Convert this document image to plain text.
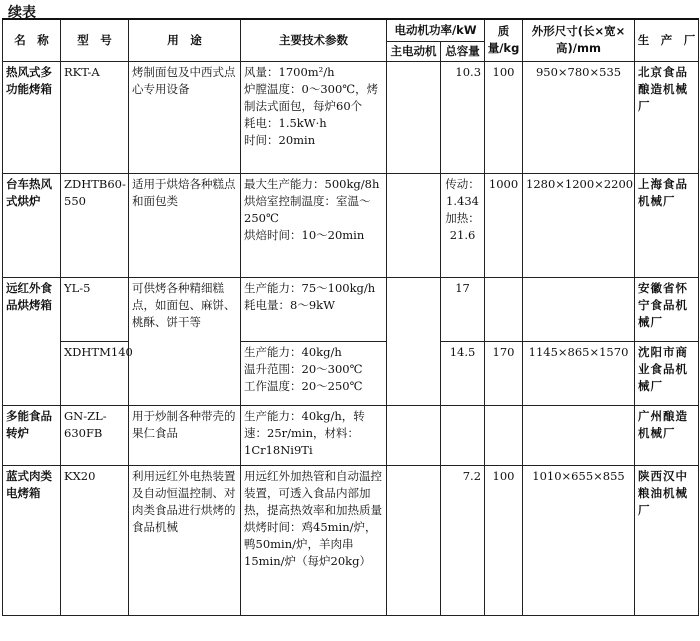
续表
名　称	型　号	用　途	主要技术参数	电动机功率/kW		质量/kg	外形尺寸(长×宽×高)/mm	生　产　厂
				主电动机	总容量			
热风式多功能烤箱	RKT-A	烤制面包及中西式点心专用设备	风量：1700m²/h
炉膛温度：0～300℃，烤制法式面包，每炉60个
耗电：1.5kW·h
时间：20min		10.3	100	950×780×535	北京食品酿造机械厂
台车热风式烘炉	ZDHTB60-550	适用于烘焙各种糕点和面包类	最大生产能力：500kg/8h
烘焙室控制温度：室温～250℃
烘焙时间：10～20min		传动：1.434 加热：21.6	1000	1280×1200×2200	上海食品机械厂
远红外食品烘烤箱	YL-5	可供烤各种精细糕点，如面包、麻饼、桃酥、饼干等	生产能力：75～100kg/h
耗电量：8～9kW		17			安徽省怀宁食品机械厂
	XDHTM140		生产能力：40kg/h
温升范围：20～300℃
工作温度：20～250℃		14.5	170	1145×865×1570	沈阳市商业食品机械厂
多能食品转炉	GN-ZL-630FB	用于炒制各种带壳的果仁食品	生产能力：40kg/h，转速：25r/min，材料：1Cr18Ni9Ti					广州酿造机械厂
蓝式肉类电烤箱	KX20	利用远红外电热装置及自动恒温控制、对肉类食品进行烘烤的食品机械	用远红外加热管和自动温控装置，可透入食品内部加热，提高热效率和加热质量
烘烤时间：鸡45min/炉，鸭50min/炉，羊肉串15min/炉（每炉20kg）		7.2	100	1010×655×855	陕西汉中粮油机械厂
